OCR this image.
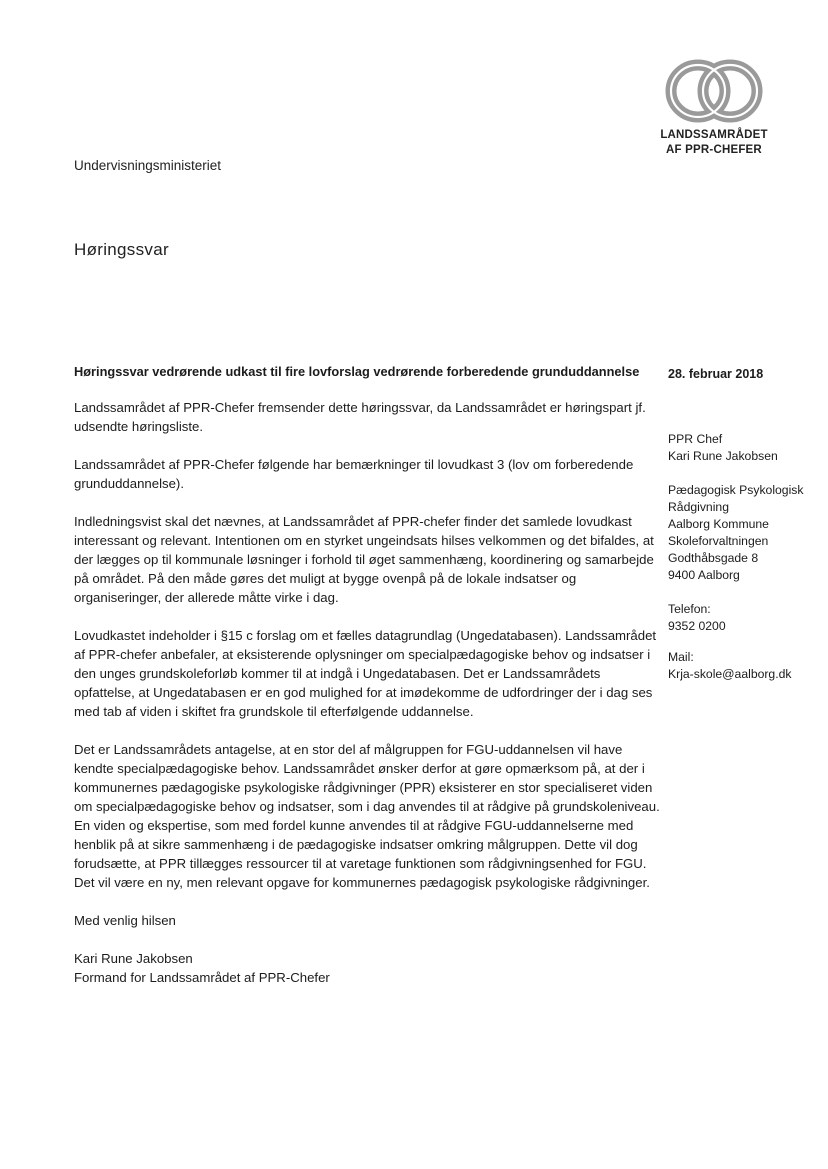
LANDSSAMRÅDET
AF PPR-CHEFER
Undervisningsministeriet
Høringssvar
Høringssvar vedrørende udkast til fire lovforslag vedrørende forberedende grunduddannelse

Landssamrådet af PPR-Chefer fremsender dette høringssvar, da Landssamrådet er høringspart jf. udsendte høringsliste.

Landssamrådet af PPR-Chefer følgende har bemærkninger til lovudkast 3 (lov om forberedende grunduddannelse).

Indledningsvist skal det nævnes, at Landssamrådet af PPR-chefer finder det samlede lovudkast interessant og relevant. Intentionen om en styrket ungeindsats hilses velkommen og det bifaldes, at der lægges op til kommunale løsninger i forhold til øget sammenhæng, koordinering og samarbejde på området. På den måde gøres det muligt at bygge ovenpå på de lokale indsatser og organiseringer, der allerede måtte virke i dag.

Lovudkastet indeholder i §15 c forslag om et fælles datagrundlag (Ungedatabasen). Landssamrådet af PPR-chefer anbefaler, at eksisterende oplysninger om specialpædagogiske behov og indsatser i den unges grundskoleforløb kommer til at indgå i Ungedatabasen. Det er Landssamrådets opfattelse, at Ungedatabasen er en god mulighed for at imødekomme de udfordringer der i dag ses med tab af viden i skiftet fra grundskole til efterfølgende uddannelse.

Det er Landssamrådets antagelse, at en stor del af målgruppen for FGU-uddannelsen vil have kendte specialpædagogiske behov. Landssamrådet ønsker derfor at gøre opmærksom på, at der i kommunernes pædagogiske psykologiske rådgivninger (PPR) eksisterer en stor specialiseret viden om specialpædagogiske behov og indsatser, som i dag anvendes til at rådgive på grundskoleniveau. En viden og ekspertise, som med fordel kunne anvendes til at rådgive FGU-uddannelserne med henblik på at sikre sammenhæng i de pædagogiske indsatser omkring målgruppen. Dette vil dog forudsætte, at PPR tillægges ressourcer til at varetage funktionen som rådgivningsenhed for FGU. Det vil være en ny, men relevant opgave for kommunernes pædagogisk psykologiske rådgivninger.

Med venlig hilsen

Kari Rune Jakobsen

Formand for Landssamrådet af PPR-Chefer

28. februar 2018
PPR Chef
Kari Rune Jakobsen
Pædagogisk Psykologisk
Rådgivning
Aalborg Kommune
Skoleforvaltningen
Godthåbsgade 8
9400 Aalborg
Telefon:
9352 0200
Mail:
Krja-skole@aalborg.dk
